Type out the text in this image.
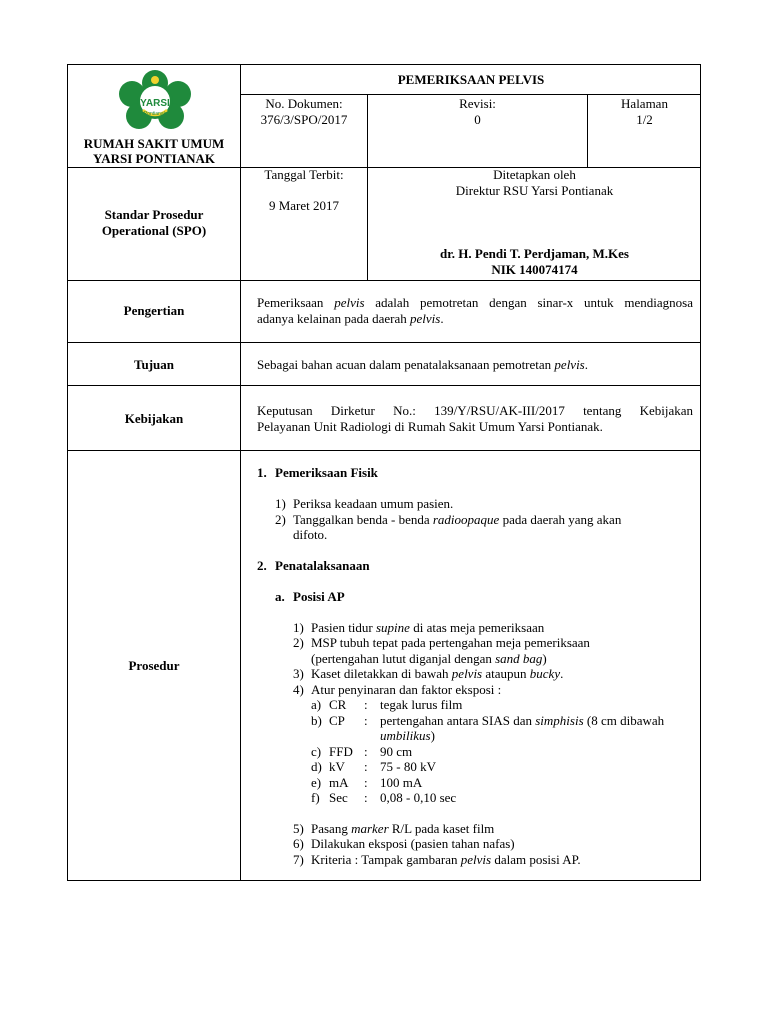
YARSI
Pontianak
RUMAH SAKIT UMUM
YARSI PONTIANAK
PEMERIKSAAN PELVIS
No. Dokumen:
376/3/SPO/2017
Revisi:
0
Halaman
1/2
Standar Prosedur
Operational (SPO)
Tanggal Terbit:
9 Maret 2017
Ditetapkan oleh
Direktur RSU Yarsi Pontianak
dr. H. Pendi T. Perdjaman, M.Kes
NIK 140074174
Pengertian
Pemeriksaan pelvis adalah pemotretan dengan sinar-x untuk mendiagnosa
adanya kelainan pada daerah pelvis.
Tujuan	Sebagai bahan acuan dalam penatalaksanaan pemotretan pelvis.
Kebijakan
Keputusan Dirketur No.: 139/Y/RSU/AK-III/2017 tentang Kebijakan
Pelayanan Unit Radiologi di Rumah Sakit Umum Yarsi Pontianak.
Prosedur
1. Pemeriksaan Fisik
1) Periksa keadaan umum pasien.
2) Tanggalkan benda - benda radioopaque pada daerah yang akan
difoto.
2. Penatalaksanaan
a. Posisi AP
1) Pasien tidur supine di atas meja pemeriksaan
2) MSP tubuh tepat pada pertengahan meja pemeriksaan
(pertengahan lutut diganjal dengan sand bag)
3) Kaset diletakkan di bawah pelvis ataupun bucky.
4) Atur penyinaran dan faktor eksposi :
a) CR : tegak lurus film
b) CP : pertengahan antara SIAS dan simphisis (8 cm dibawah
umbilikus)
c) FFD : 90 cm
d) kV : 75 - 80 kV
e) mA : 100 mA
f) Sec : 0,08 - 0,10 sec
5) Pasang marker R/L pada kaset film
6) Dilakukan eksposi (pasien tahan nafas)
7) Kriteria : Tampak gambaran pelvis dalam posisi AP.
